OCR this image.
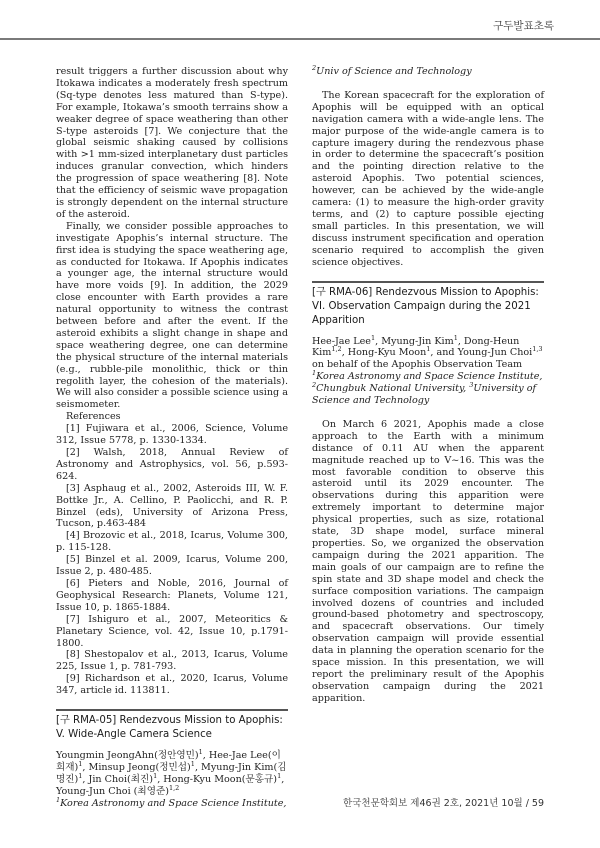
구두발표초록

result triggers a further discussion about why Itokawa indicates a moderately fresh spectrum (Sq-type denotes less matured than S-type). For example, Itokawa’s smooth terrains show a weaker degree of space weathering than other S-type asteroids [7]. We conjecture that the global seismic shaking caused by collisions with >1 mm-sized interplanetary dust particles induces granular convection, which hinders the progression of space weathering [8]. Note that the efficiency of seismic wave propagation is strongly dependent on the internal structure of the asteroid.

Finally, we consider possible approaches to investigate Apophis’s internal structure. The first idea is studying the space weathering age, as conducted for Itokawa. If Apophis indicates a younger age, the internal structure would have more voids [9]. In addition, the 2029 close encounter with Earth provides a rare natural opportunity to witness the contrast between before and after the event. If the asteroid exhibits a slight change in shape and space weathering degree, one can determine the physical structure of the internal materials (e.g., rubble-pile monolithic, thick or thin regolith layer, the cohesion of the materials). We will also consider a possible science using a seismometer.

References

[1] Fujiwara et al., 2006, Science, Volume 312, Issue 5778, p. 1330-1334.

[2] Walsh, 2018, Annual Review of Astronomy and Astrophysics, vol. 56, p.593-624.

[3] Asphaug et al., 2002, Asteroids III, W. F. Bottke Jr., A. Cellino, P. Paolicchi, and R. P. Binzel (eds), University of Arizona Press, Tucson, p.463-484

[4] Brozovic et al., 2018, Icarus, Volume 300, p. 115-128.

[5] Binzel et al. 2009, Icarus, Volume 200, Issue 2, p. 480-485.

[6] Pieters and Noble, 2016, Journal of Geophysical Research: Planets, Volume 121, Issue 10, p. 1865-1884.

[7] Ishiguro et al., 2007, Meteoritics & Planetary Science, vol. 42, Issue 10, p.1791-1800.

[8] Shestopalov et al., 2013, Icarus, Volume 225, Issue 1, p. 781-793.

[9] Richardson et al., 2020, Icarus, Volume 347, article id. 113811.

[구 RMA-05] Rendezvous Mission to Apophis: V. Wide-Angle Camera Science

Youngmin JeongAhn(정안영민)$^1$, Hee-Jae Lee(이희재)$^1$, Minsup Jeong(정민섭)$^1$, Myung-Jin Kim(김명진)$^1$, Jin Choi(최진)$^1$, Hong-Kyu Moon(문홍규)$^1$, Young-Jun Choi (최영준)$^{1,2}$

$^1$Korea Astronomy and Space Science Institute,

$^2$Univ of Science and Technology

The Korean spacecraft for the exploration of Apophis will be equipped with an optical navigation camera with a wide-angle lens. The major purpose of the wide-angle camera is to capture imagery during the rendezvous phase in order to determine the spacecraft’s position and the pointing direction relative to the asteroid Apophis. Two potential sciences, however, can be achieved by the wide-angle camera: (1) to measure the high-order gravity terms, and (2) to capture possible ejecting small particles. In this presentation, we will discuss instrument specification and operation scenario required to accomplish the given science objectives.

[구 RMA-06] Rendezvous Mission to Apophis: VI. Observation Campaign during the 2021 Apparition

Hee-Jae Lee$^1$, Myung-Jin Kim$^1$, Dong-Heun Kim$^{1,2}$, Hong-Kyu Moon$^1$, and Young-Jun Choi$^{1,3}$ on behalf of the Apophis Observation Team

$^1$Korea Astronomy and Space Science Institute, $^2$Chungbuk National University, $^3$University of Science and Technology

On March 6 2021, Apophis made a close approach to the Earth with a minimum distance of 0.11 AU when the apparent magnitude reached up to V~16. This was the most favorable condition to observe this asteroid until its 2029 encounter. The observations during this apparition were extremely important to determine major physical properties, such as size, rotational state, 3D shape model, surface mineral properties. So, we organized the observation campaign during the 2021 apparition. The main goals of our campaign are to refine the spin state and 3D shape model and check the surface composition variations. The campaign involved dozens of countries and included ground-based photometry and spectroscopy, and spacecraft observations. Our timely observation campaign will provide essential data in planning the operation scenario for the space mission. In this presentation, we will report the preliminary result of the Apophis observation campaign during the 2021 apparition.

한국천문학회보 제46권 2호, 2021년 10월 / 59
